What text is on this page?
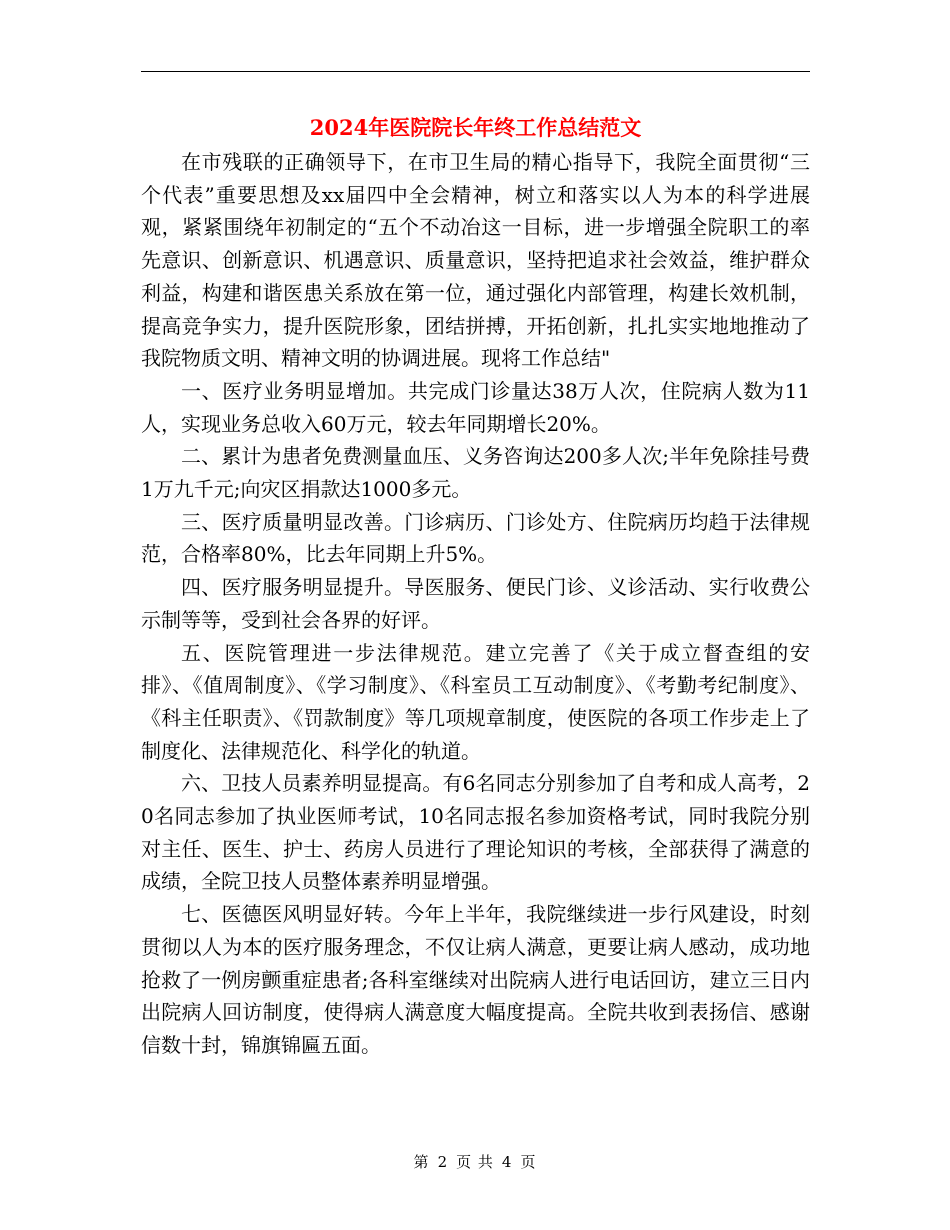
2024年医院院长年终工作总结范文

在市残联的正确领导下，在市卫生局的精心指导下，我院全面贯彻“三个代表”重要思想及xx届四中全会精神，树立和落实以人为本的科学进展观，紧紧围绕年初制定的“五个不动冶这一目标，进一步增强全院职工的率先意识、创新意识、机遇意识、质量意识，坚持把追求社会效益，维护群众利益，构建和谐医患关系放在第一位，通过强化内部管理，构建长效机制，提高竞争实力，提升医院形象，团结拼搏，开拓创新，扎扎实实地地推动了我院物质文明、精神文明的协调进展。现将工作总结"

一、医疗业务明显增加。共完成门诊量达38万人次，住院病人数为11人，实现业务总收入60万元，较去年同期增长20%。

二、累计为患者免费测量血压、义务咨询达200多人次;半年免除挂号费1万九千元;向灾区捐款达1000多元。

三、医疗质量明显改善。门诊病历、门诊处方、住院病历均趋于法律规范，合格率80%，比去年同期上升5%。

四、医疗服务明显提升。导医服务、便民门诊、义诊活动、实行收费公示制等等，受到社会各界的好评。

五、医院管理进一步法律规范。建立完善了《关于成立督查组的安排》、《值周制度》、《学习制度》、《科室员工互动制度》、《考勤考纪制度》、《科主任职责》、《罚款制度》等几项规章制度，使医院的各项工作步走上了制度化、法律规范化、科学化的轨道。

六、卫技人员素养明显提高。有6名同志分别参加了自考和成人高考，20名同志参加了执业医师考试，10名同志报名参加资格考试，同时我院分别对主任、医生、护士、药房人员进行了理论知识的考核，全部获得了满意的成绩，全院卫技人员整体素养明显增强。

七、医德医风明显好转。今年上半年，我院继续进一步行风建设，时刻贯彻以人为本的医疗服务理念，不仅让病人满意，更要让病人感动，成功地抢救了一例房颤重症患者;各科室继续对出院病人进行电话回访，建立三日内出院病人回访制度，使得病人满意度大幅度提高。全院共收到表扬信、感谢信数十封，锦旗锦匾五面。

第 2 页 共 4 页
